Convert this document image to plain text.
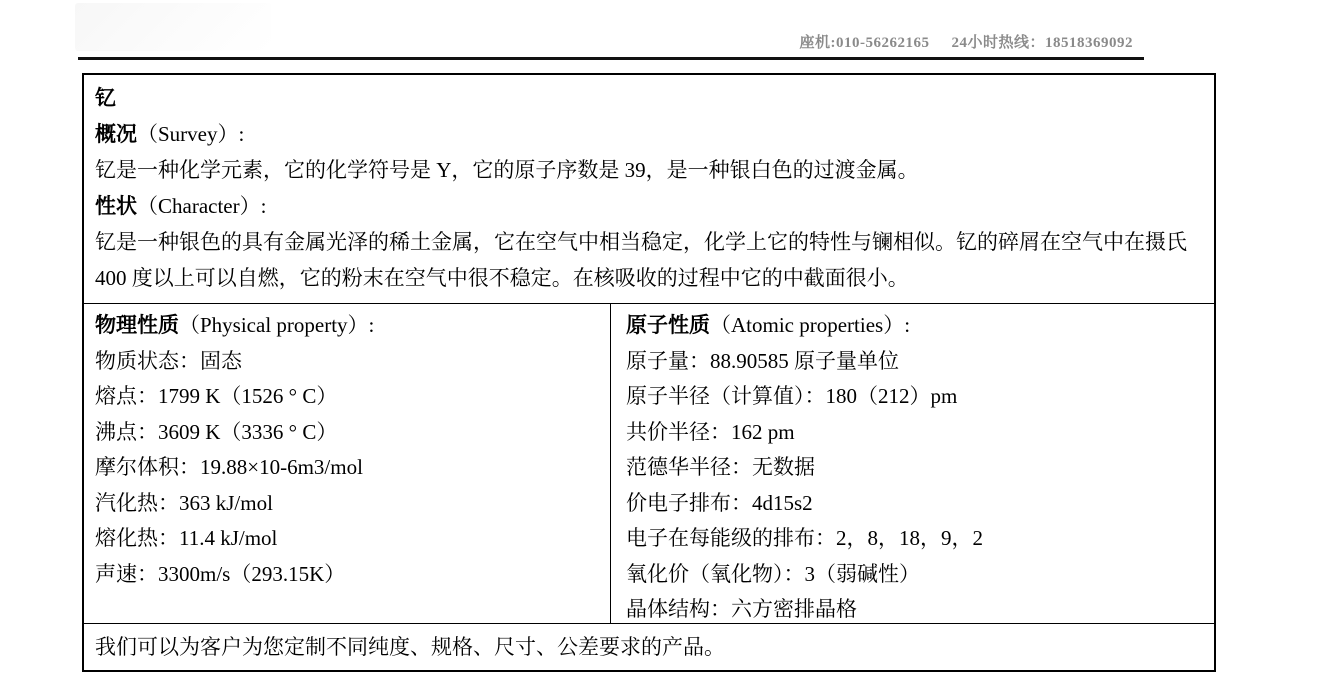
座机:010-56262165 24小时热线：18518369092
钇
概况（Survey）:
钇是一种化学元素，它的化学符号是 Y，它的原子序数是 39，是一种银白色的过渡金属。
性状（Character）:
钇是一种银色的具有金属光泽的稀土金属，它在空气中相当稳定，化学上它的特性与镧相似。钇的碎屑在空气中在摄氏 400 度以上可以自燃，它的粉末在空气中很不稳定。在核吸收的过程中它的中截面很小。
物理性质（Physical property）:
物质状态：固态
熔点：1799 K（1526 ° C）
沸点：3609 K（3336 ° C）
摩尔体积：19.88×10-6m3/mol
汽化热：363 kJ/mol
熔化热：11.4 kJ/mol
声速：3300m/s（293.15K）
原子性质（Atomic properties）:
原子量：88.90585 原子量单位
原子半径（计算值）：180（212）pm
共价半径：162 pm
范德华半径：无数据
价电子排布：4d15s2
电子在每能级的排布：2，8，18，9，2
氧化价（氧化物）：3（弱碱性）
晶体结构：六方密排晶格
我们可以为客户为您定制不同纯度、规格、尺寸、公差要求的产品。
